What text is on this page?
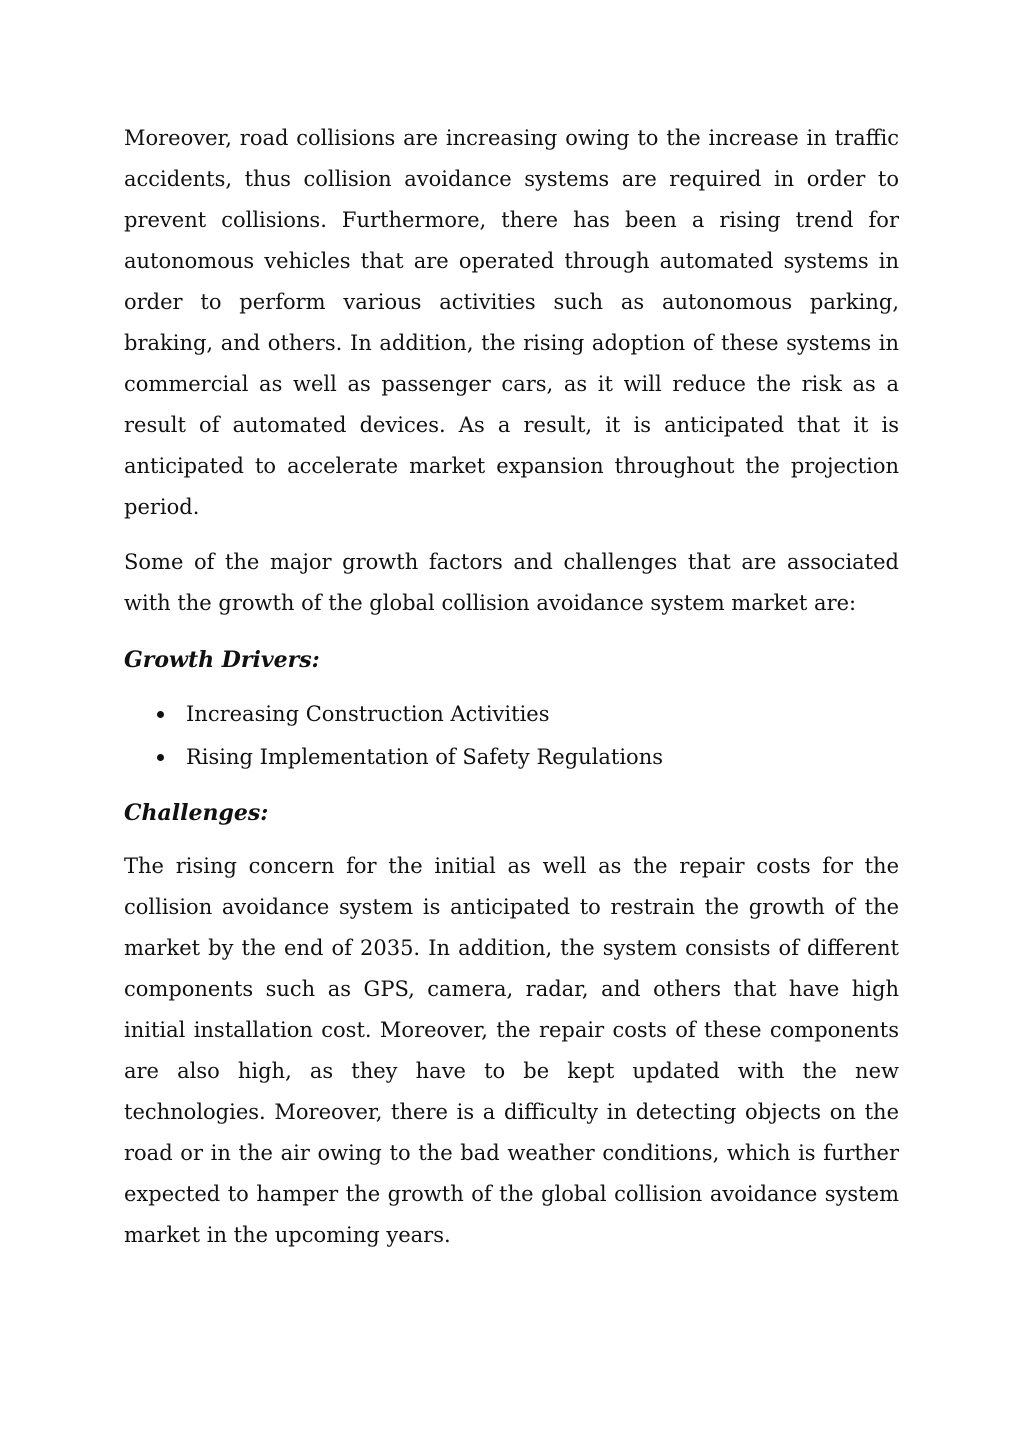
Moreover, road collisions are increasing owing to the increase in traffic accidents, thus collision avoidance systems are required in order to prevent collisions. Furthermore, there has been a rising trend for autonomous vehicles that are operated through automated systems in order to perform various activities such as autonomous parking, braking, and others. In addition, the rising adoption of these systems in commercial as well as passenger cars, as it will reduce the risk as a result of automated devices. As a result, it is anticipated that it is anticipated to accelerate market expansion throughout the projection period.

Some of the major growth factors and challenges that are associated with the growth of the global collision avoidance system market are:

Growth Drivers:
Increasing Construction Activities
Rising Implementation of Safety Regulations
Challenges:

The rising concern for the initial as well as the repair costs for the collision avoidance system is anticipated to restrain the growth of the market by the end of 2035. In addition, the system consists of different components such as GPS, camera, radar, and others that have high initial installation cost. Moreover, the repair costs of these components are also high, as they have to be kept updated with the new technologies. Moreover, there is a difficulty in detecting objects on the road or in the air owing to the bad weather conditions, which is further expected to hamper the growth of the global collision avoidance system market in the upcoming years.
